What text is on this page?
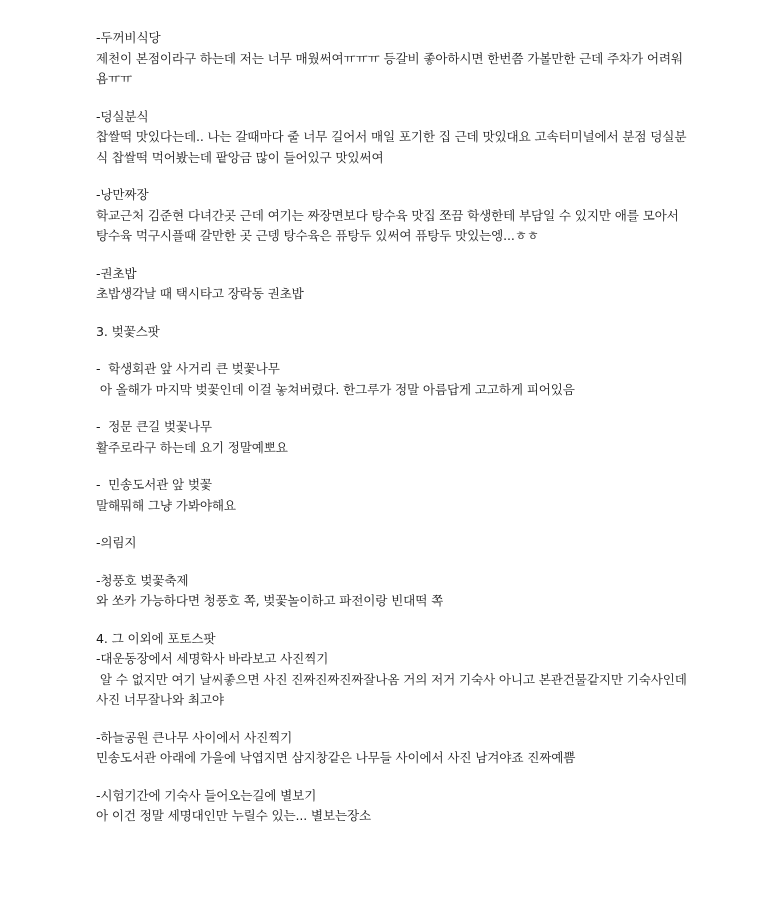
-두꺼비식당
제천이 본점이라구 하는데 저는 너무 매웠써여ㅠㅠㅠ 등갈비 좋아하시면 한번쯤 가볼만한 근데 주차가 어려워욤ㅠㅠ
-덩실분식
찹쌀떡 맛있다는데.. 나는 갈때마다 줄 너무 길어서 매일 포기한 집 근데 맛있대요 고속터미널에서 분점 덩실분식 찹쌀떡 먹어봤는데 팥앙금 많이 들어있구 맛있써여
-낭만짜장
학교근처 김준현 다녀간곳 근데 여기는 짜장면보다 탕수육 맛집 쪼끔 학생한테 부담일 수 있지만 애를 모아서 탕수육 먹구시플때 갈만한 곳 근뎅 탕수육은 퓨탕두 있써여 퓨탕두 맛있는엥...ㅎㅎ
-권초밥
초밥생각날 때 택시타고 장락동 권초밥
3. 벚꽃스팟
-  학생회관 앞 사거리 큰 벚꽃나무
아 올해가 마지막 벚꽃인데 이걸 놓쳐버렸다. 한그루가 정말 아름답게 고고하게 피어있음
-  정문 큰길 벚꽃나무
활주로라구 하는데 요기 정말예뽀요
-  민송도서관 앞 벚꽃
말해뭐해 그냥 가봐야해요
-의림지
-청풍호 벚꽃축제
와 쏘카 가능하다면 청풍호 쪽, 벚꽃놀이하고 파전이랑 빈대떡 쪽
4. 그 이외에 포토스팟
-대운동장에서 세명학사 바라보고 사진찍기
알 수 없지만 여기 날씨좋으면 사진 진짜진짜진짜잘나옴 거의 저거 기숙사 아니고 본관건물같지만 기숙사인데 사진 너무잘나와 최고야
-하늘공원 큰나무 사이에서 사진찍기
민송도서관 아래에 가을에 낙엽지면 삼지창같은 나무들 사이에서 사진 남겨야죠 진짜예쁨
-시험기간에 기숙사 들어오는길에 별보기
아 이건 정말 세명대인만 누릴수 있는... 별보는장소
